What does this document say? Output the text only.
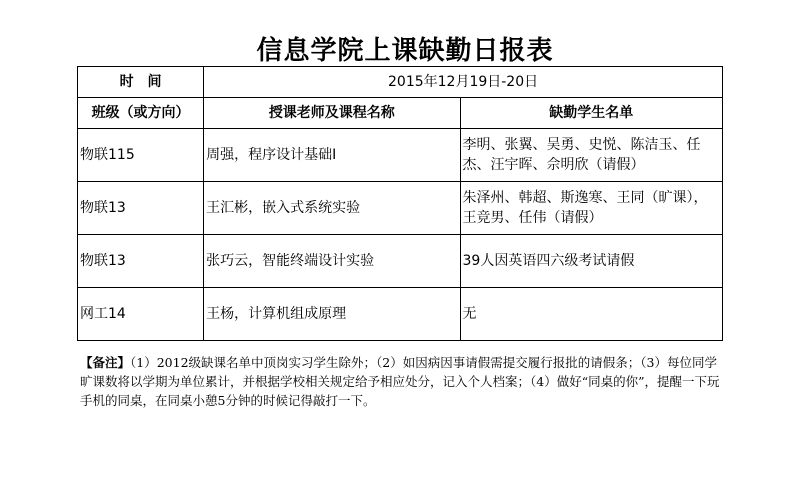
信息学院上课缺勤日报表
时　间	2015年12月19日-20日	
班级（或方向）	授课老师及课程名称	缺勤学生名单
物联115	周强，程序设计基础I	李明、张翼、吴勇、史悦、陈洁玉、任杰、汪宇晖、佘明欣（请假）
物联13	王汇彬，嵌入式系统实验	朱泽州、韩超、斯逸寒、王同（旷课），王竞男、任伟（请假）
物联13	张巧云，智能终端设计实验	39人因英语四六级考试请假
网工14	王杨，计算机组成原理	无
【备注】（1）2012级缺课名单中顶岗实习学生除外；（2）如因病因事请假需提交履行报批的请假条；（3）每位同学旷课数将以学期为单位累计，并根据学校相关规定给予相应处分，记入个人档案；（4）做好“同桌的你”，提醒一下玩手机的同桌，在同桌小憩5分钟的时候记得敲打一下。
